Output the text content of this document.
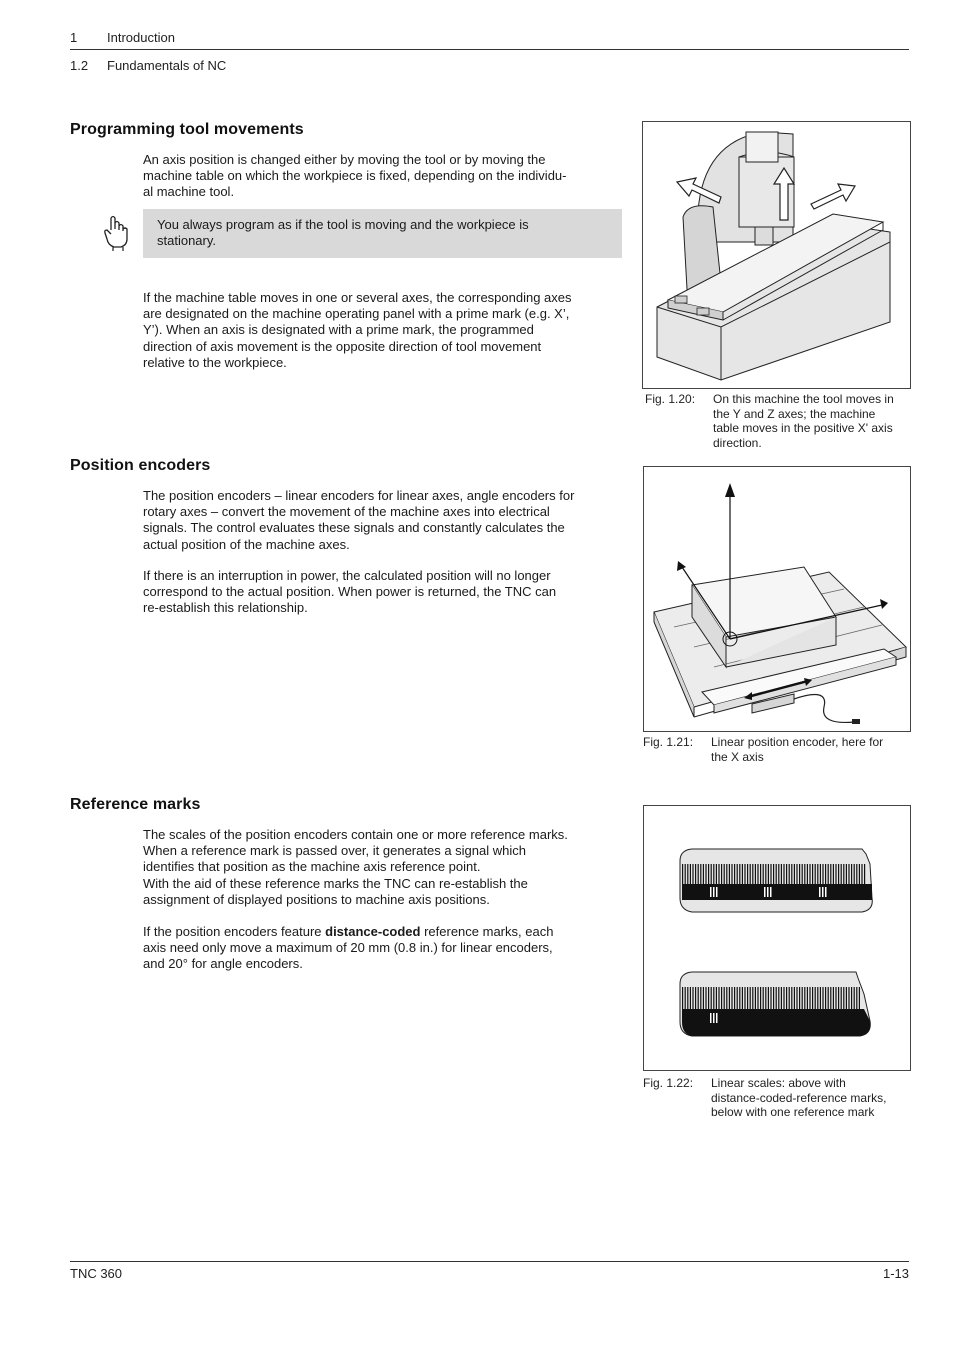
1 Introduction
1.2 Fundamentals of NC
Programming tool movements
An axis position is changed either by moving the tool or by moving the
machine table on which the workpiece is fixed, depending on the individu-
al machine tool.
You always program as if the tool is moving and the workpiece is
stationary.
If the machine table moves in one or several axes, the corresponding axes
are designated on the machine operating panel with a prime mark (e.g. X’,
Y’). When an axis is designated with a prime mark, the programmed
direction of axis movement is the opposite direction of tool movement
relative to the workpiece.
Fig. 1.20: On this machine the tool moves in
the Y and Z axes; the machine
table moves in the positive X' axis
direction.
Position encoders
The position encoders – linear encoders for linear axes, angle encoders for
rotary axes – convert the movement of the machine axes into electrical
signals. The control evaluates these signals and constantly calculates the
actual position of the machine axes.
If there is an interruption in power, the calculated position will no longer
correspond to the actual position. When power is returned, the TNC can
re-establish this relationship.
Fig. 1.21: Linear position encoder, here for
the X axis
Reference marks
The scales of the position encoders contain one or more reference marks.
When a reference mark is passed over, it generates a signal which
identifies that position as the machine axis reference point.
With the aid of these reference marks the TNC can re-establish the
assignment of displayed positions to machine axis positions.
If the position encoders feature distance-coded reference marks, each
axis need only move a maximum of 20 mm (0.8 in.) for linear encoders,
and 20° for angle encoders.
Fig. 1.22: Linear scales: above with
distance-coded-reference marks,
below with one reference mark
TNC 360	1-13
